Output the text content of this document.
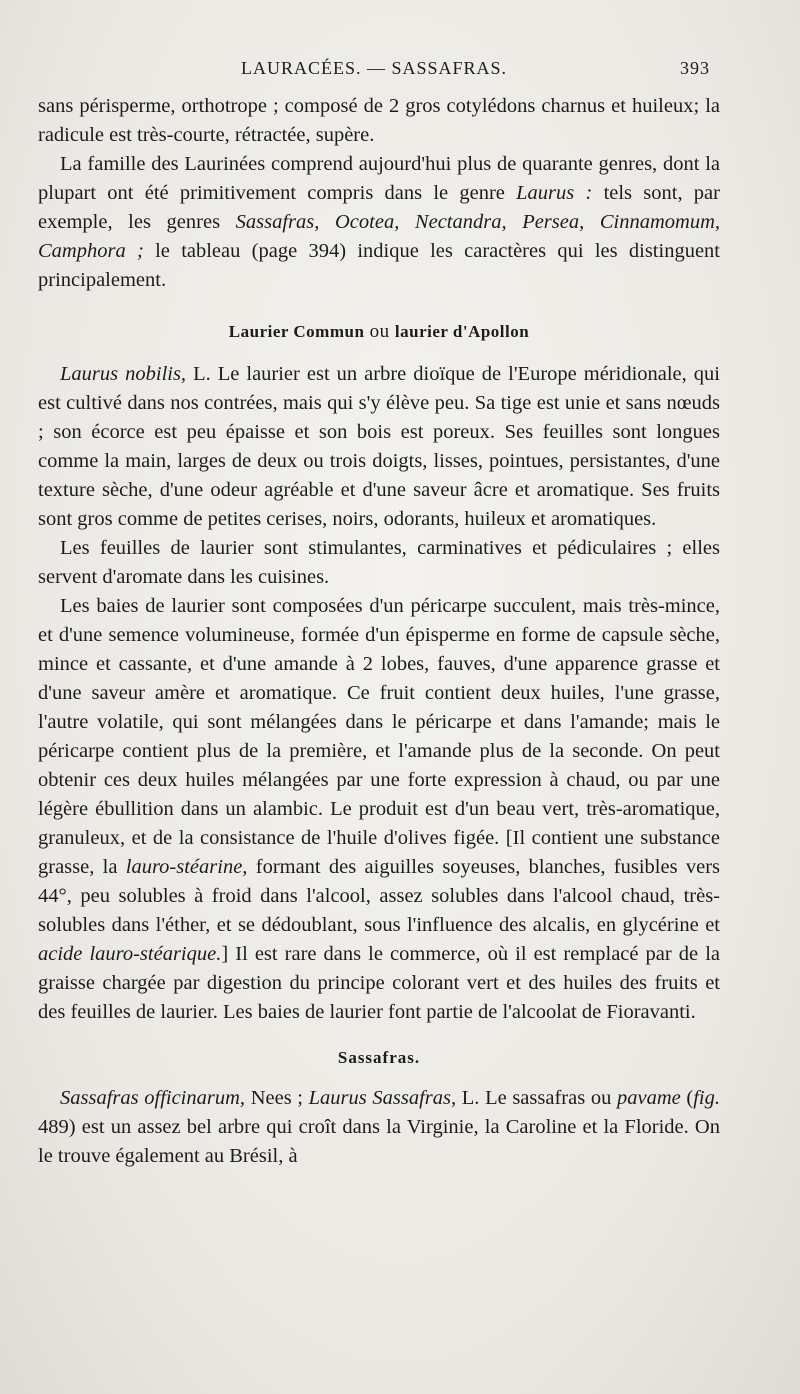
LAURACÉES. — SASSAFRAS.	393

sans périsperme, orthotrope ; composé de 2 gros cotylédons charnus et huileux; la radicule est très-courte, rétractée, supère.

La famille des Laurinées comprend aujourd'hui plus de quarante genres, dont la plupart ont été primitivement compris dans le genre Laurus : tels sont, par exemple, les genres Sassafras, Ocotea, Nectandra, Persea, Cinnamomum, Camphora ; le tableau (page 394) indique les caractères qui les distinguent principalement.

Laurier Commun ou laurier d'Apollon

Laurus nobilis, L. Le laurier est un arbre dioïque de l'Europe méridionale, qui est cultivé dans nos contrées, mais qui s'y élève peu. Sa tige est unie et sans nœuds ; son écorce est peu épaisse et son bois est poreux. Ses feuilles sont longues comme la main, larges de deux ou trois doigts, lisses, pointues, persistantes, d'une texture sèche, d'une odeur agréable et d'une saveur âcre et aromatique. Ses fruits sont gros comme de petites cerises, noirs, odorants, huileux et aromatiques.

Les feuilles de laurier sont stimulantes, carminatives et pédiculaires ; elles servent d'aromate dans les cuisines.

Les baies de laurier sont composées d'un péricarpe succulent, mais très-mince, et d'une semence volumineuse, formée d'un épisperme en forme de capsule sèche, mince et cassante, et d'une amande à 2 lobes, fauves, d'une apparence grasse et d'une saveur amère et aromatique. Ce fruit contient deux huiles, l'une grasse, l'autre volatile, qui sont mélangées dans le péricarpe et dans l'amande; mais le péricarpe contient plus de la première, et l'amande plus de la seconde. On peut obtenir ces deux huiles mélangées par une forte expression à chaud, ou par une légère ébullition dans un alambic. Le produit est d'un beau vert, très-aromatique, granuleux, et de la consistance de l'huile d'olives figée. [Il contient une substance grasse, la lauro-stéarine, formant des aiguilles soyeuses, blanches, fusibles vers 44°, peu solubles à froid dans l'alcool, assez solubles dans l'alcool chaud, très-solubles dans l'éther, et se dédoublant, sous l'influence des alcalis, en glycérine et acide lauro-stéarique.] Il est rare dans le commerce, où il est remplacé par de la graisse chargée par digestion du principe colorant vert et des huiles des fruits et des feuilles de laurier. Les baies de laurier font partie de l'alcoolat de Fioravanti.

Sassafras.

Sassafras officinarum, Nees ; Laurus Sassafras, L. Le sassafras ou pavame (fig. 489) est un assez bel arbre qui croît dans la Virginie, la Caroline et la Floride. On le trouve également au Brésil, à
